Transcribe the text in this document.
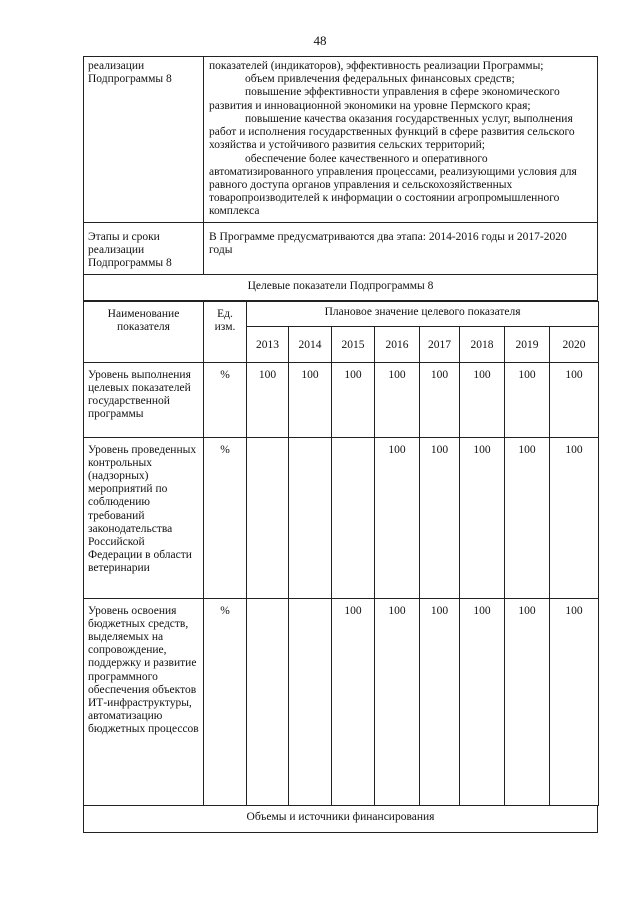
48
реализации Подпрограммы 8

показателей (индикаторов), эффективность реализации Программы;

объем привлечения федеральных финансовых средств;

повышение эффективности управления в сфере экономического развития и инновационной экономики на уровне Пермского края;

повышение качества оказания государственных услуг, выполнения работ и исполнения государственных функций в сфере развития сельского хозяйства и устойчивого развития сельских территорий;

обеспечение более качественного и оперативного автоматизированного управления процессами, реализующими условия для равного доступа органов управления и сельскохозяйственных товаропроизводителей к информации о состоянии агропромышленного комплекса

Этапы и сроки реализации Подпрограммы 8
В Программе предусматриваются два этапа: 2014-2016 годы и 2017-2020 годы
Целевые показатели Подпрограммы 8
Наименование показателя	Ед. изм.	Плановое значение целевого показателя							
		2013	2014	2015	2016	2017	2018	2019	2020
Уровень выполнения целевых показателей государственной программы	%	100	100	100	100	100	100	100	100
Уровень проведенных контрольных (надзорных) мероприятий по соблюдению требований законодательства Российской Федерации в области ветеринарии	%				100	100	100	100	100
Уровень освоения бюджетных средств, выделяемых на сопровождение, поддержку и развитие программного обеспечения объектов ИТ-инфраструктуры, автоматизацию бюджетных процессов	%			100	100	100	100	100	100
Объемы и источники финансирования
